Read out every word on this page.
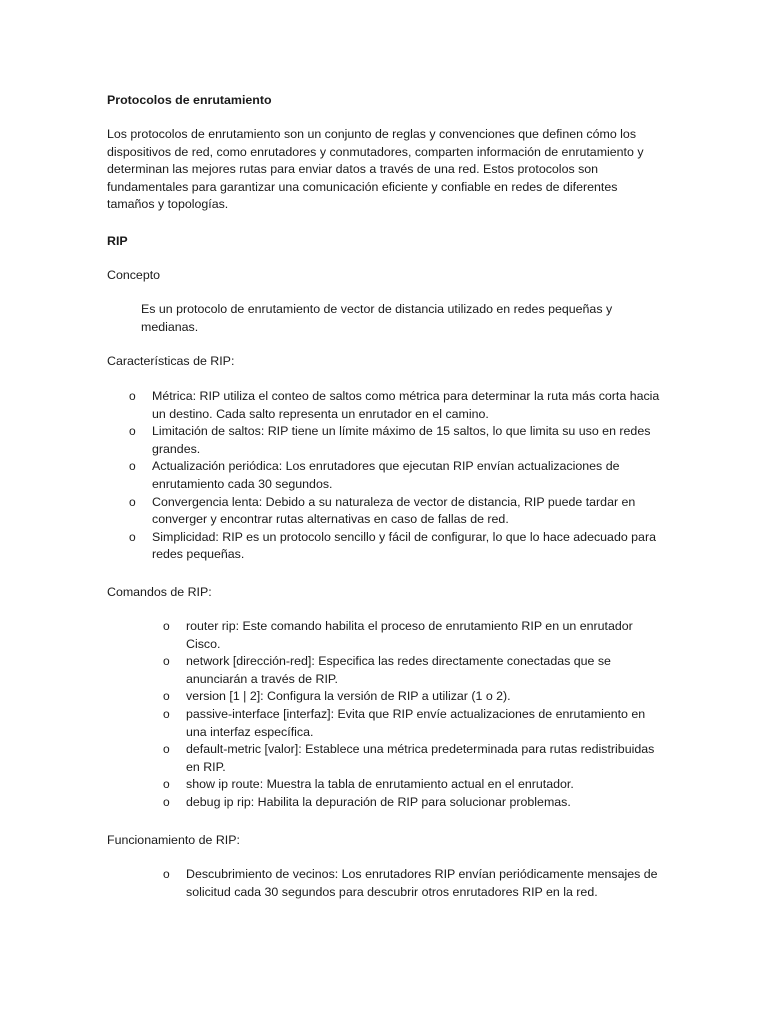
Protocolos de enrutamiento

Los protocolos de enrutamiento son un conjunto de reglas y convenciones que definen cómo los dispositivos de red, como enrutadores y conmutadores, comparten información de enrutamiento y determinan las mejores rutas para enviar datos a través de una red. Estos protocolos son fundamentales para garantizar una comunicación eficiente y confiable en redes de diferentes tamaños y topologías.

RIP

Concepto

Es un protocolo de enrutamiento de vector de distancia utilizado en redes pequeñas y medianas.

Características de RIP:

o Métrica: RIP utiliza el conteo de saltos como métrica para determinar la ruta más corta hacia un destino. Cada salto representa un enrutador en el camino.
o Limitación de saltos: RIP tiene un límite máximo de 15 saltos, lo que limita su uso en redes grandes.
o Actualización periódica: Los enrutadores que ejecutan RIP envían actualizaciones de enrutamiento cada 30 segundos.
o Convergencia lenta: Debido a su naturaleza de vector de distancia, RIP puede tardar en converger y encontrar rutas alternativas en caso de fallas de red.
o Simplicidad: RIP es un protocolo sencillo y fácil de configurar, lo que lo hace adecuado para redes pequeñas.

Comandos de RIP:

o router rip: Este comando habilita el proceso de enrutamiento RIP en un enrutador Cisco.
o network [dirección-red]: Especifica las redes directamente conectadas que se anunciarán a través de RIP.
o version [1 | 2]: Configura la versión de RIP a utilizar (1 o 2).
o passive-interface [interfaz]: Evita que RIP envíe actualizaciones de enrutamiento en una interfaz específica.
o default-metric [valor]: Establece una métrica predeterminada para rutas redistribuidas en RIP.
o show ip route: Muestra la tabla de enrutamiento actual en el enrutador.
o debug ip rip: Habilita la depuración de RIP para solucionar problemas.

Funcionamiento de RIP:

o Descubrimiento de vecinos: Los enrutadores RIP envían periódicamente mensajes de solicitud cada 30 segundos para descubrir otros enrutadores RIP en la red.
